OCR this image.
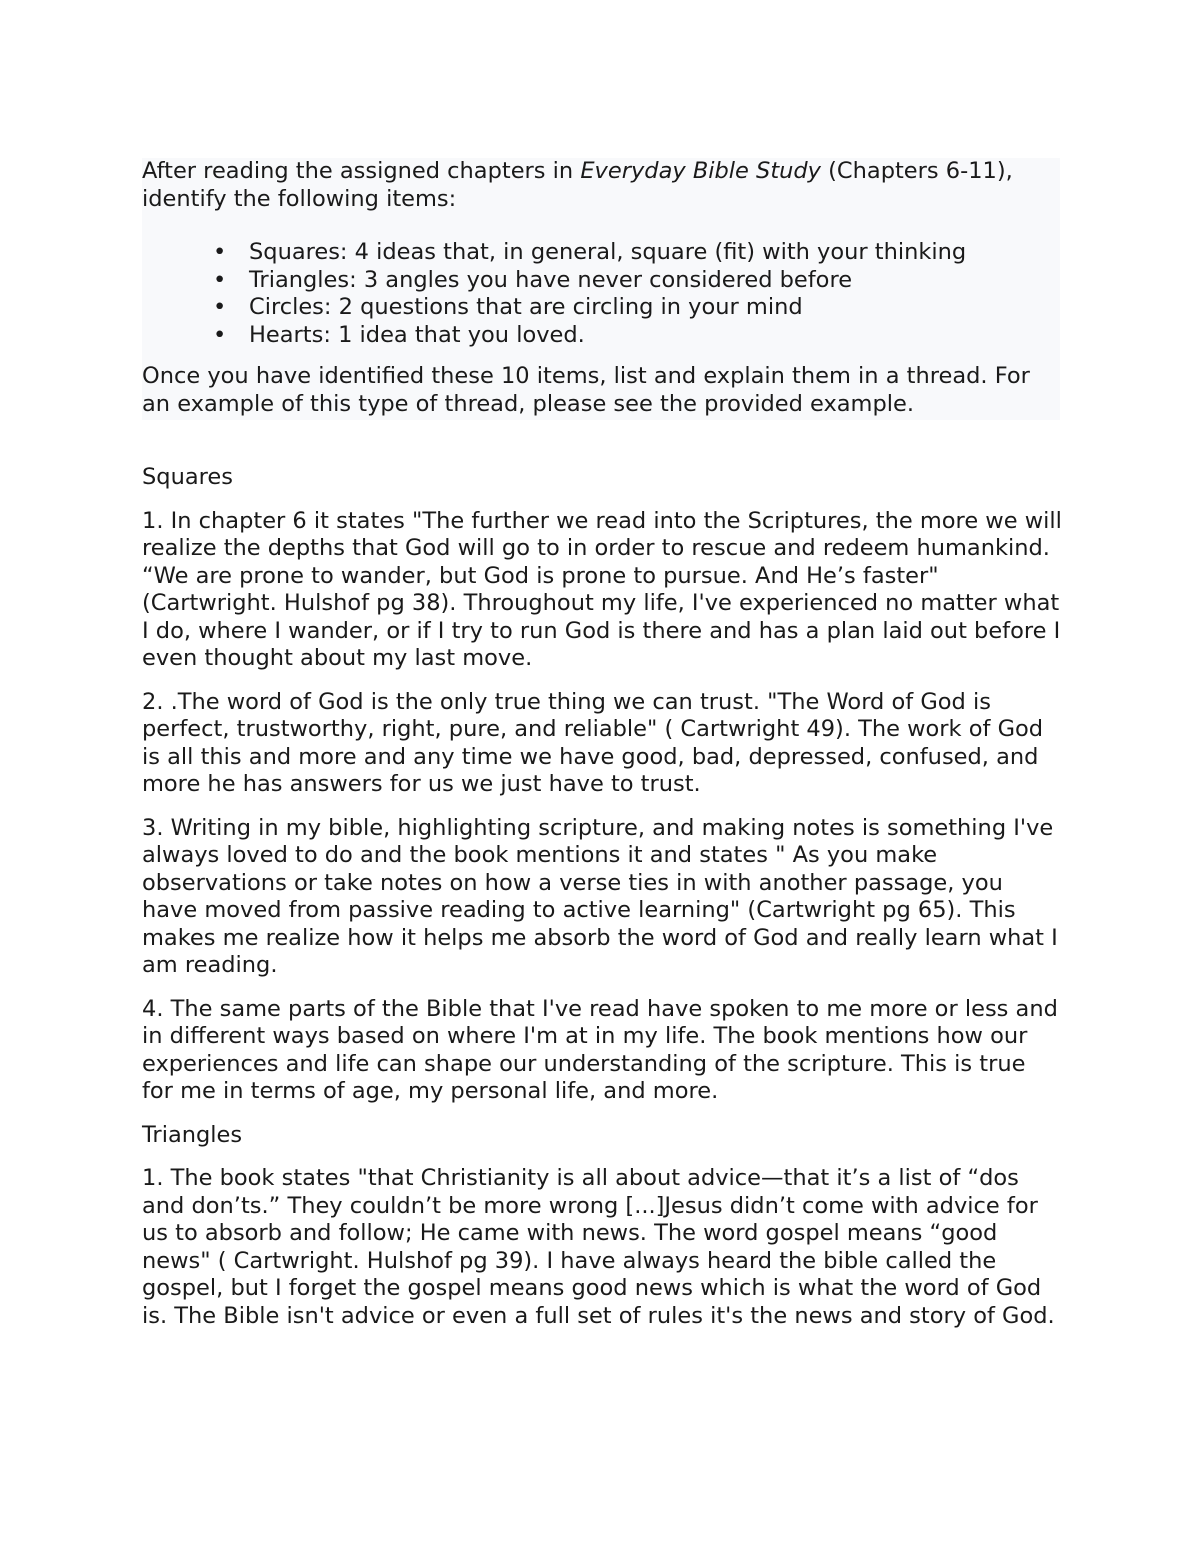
After reading the assigned chapters in Everyday Bible Study (Chapters 6-11), identify the following items:

• Squares: 4 ideas that, in general, square (fit) with your thinking
• Triangles: 3 angles you have never considered before
• Circles: 2 questions that are circling in your mind
• Hearts: 1 idea that you loved.

Once you have identified these 10 items, list and explain them in a thread. For an example of this type of thread, please see the provided example.

Squares

1. In chapter 6 it states "The further we read into the Scriptures, the more we will realize the depths that God will go to in order to rescue and redeem humankind. “We are prone to wander, but God is prone to pursue. And He’s faster" (Cartwright. Hulshof pg 38). Throughout my life, I've experienced no matter what I do, where I wander, or if I try to run God is there and has a plan laid out before I even thought about my last move.

2. .The word of God is the only true thing we can trust. "The Word of God is perfect, trustworthy, right, pure, and reliable" ( Cartwright 49). The work of God is all this and more and any time we have good, bad, depressed, confused, and more he has answers for us we just have to trust.

3. Writing in my bible, highlighting scripture, and making notes is something I've always loved to do and the book mentions it and states " As you make observations or take notes on how a verse ties in with another passage, you have moved from passive reading to active learning" (Cartwright pg 65). This makes me realize how it helps me absorb the word of God and really learn what I am reading.

4. The same parts of the Bible that I've read have spoken to me more or less and in different ways based on where I'm at in my life. The book mentions how our experiences and life can shape our understanding of the scripture. This is true for me in terms of age, my personal life, and more.

Triangles

1. The book states "that Christianity is all about advice—that it’s a list of “dos and don’ts.” They couldn’t be more wrong [...]Jesus didn’t come with advice for us to absorb and follow; He came with news. The word gospel means “good news" ( Cartwright. Hulshof pg 39). I have always heard the bible called the gospel, but I forget the gospel means good news which is what the word of God is. The Bible isn't advice or even a full set of rules it's the news and story of God.
